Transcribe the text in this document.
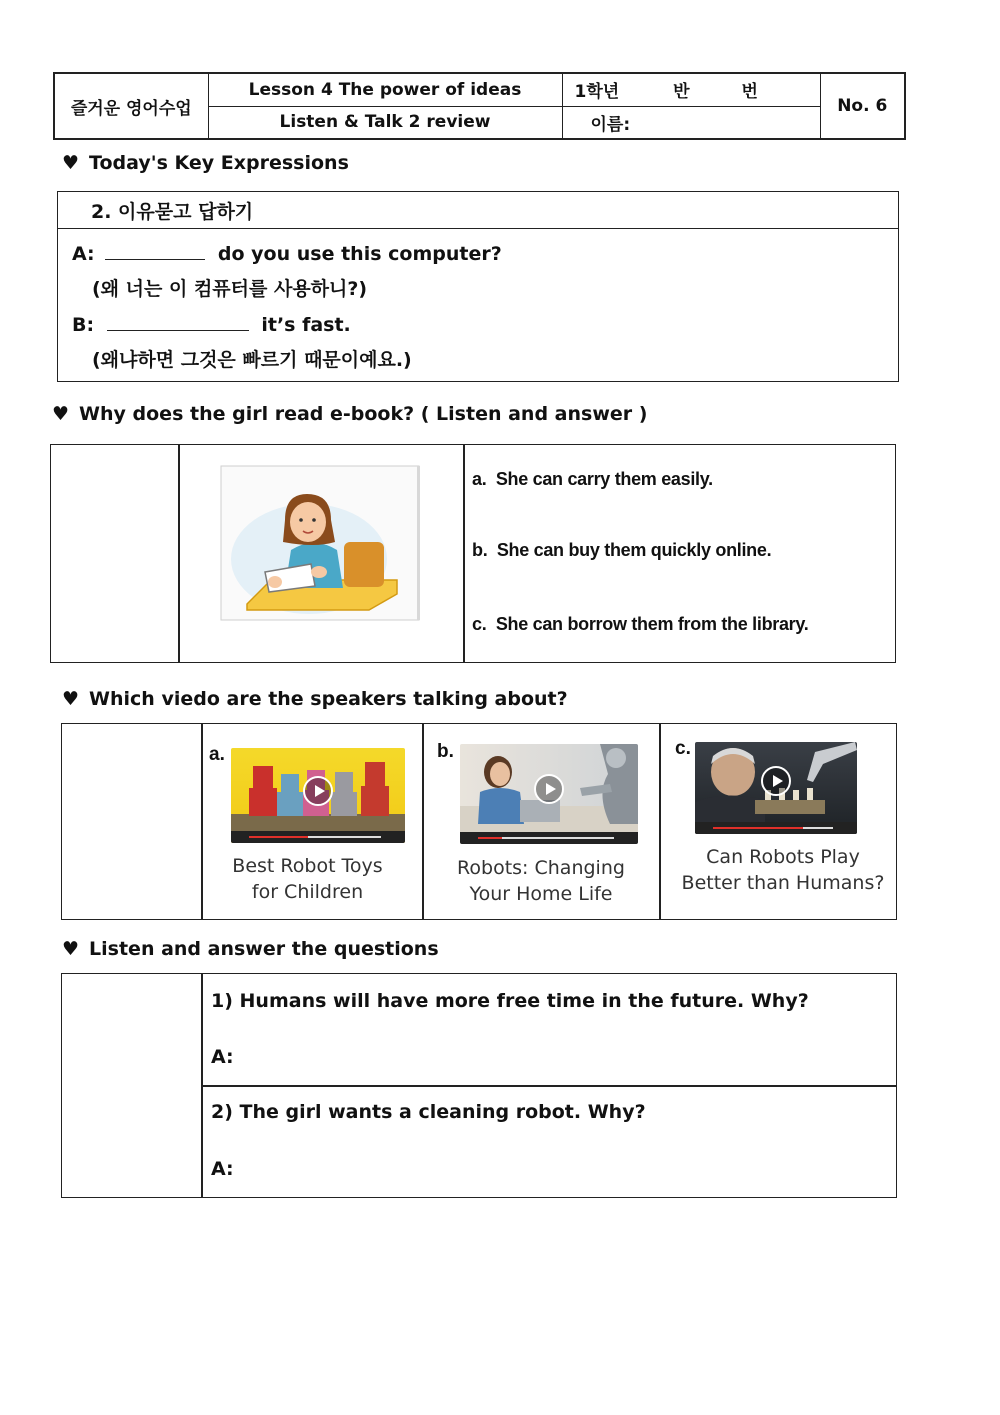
즐거운 영어수업	Lesson 4 The power of ideas	1학년 반 번	No. 6
	Listen & Talk 2 review	이름:	
♥ Today's Key Expressions
2. 이유묻고 답하기
A:	do you use this computer?
(왜 너는 이 컴퓨터를 사용하니?)
B:	it’s fast.
(왜냐하면 그것은 빠르기 때문이예요.)
♥ Why does the girl read e-book? ( Listen and answer )
a. She can carry them easily.
b. She can buy them quickly online.
c. She can borrow them from the library.
♥ Which viedo are the speakers talking about?
a.
Best Robot Toys
for Children
b.
Robots: Changing
Your Home Life
c.
Can Robots Play
Better than Humans?
♥ Listen and answer the questions
1) Humans will have more free time in the future. Why?
A:
2) The girl wants a cleaning robot. Why?
A:
